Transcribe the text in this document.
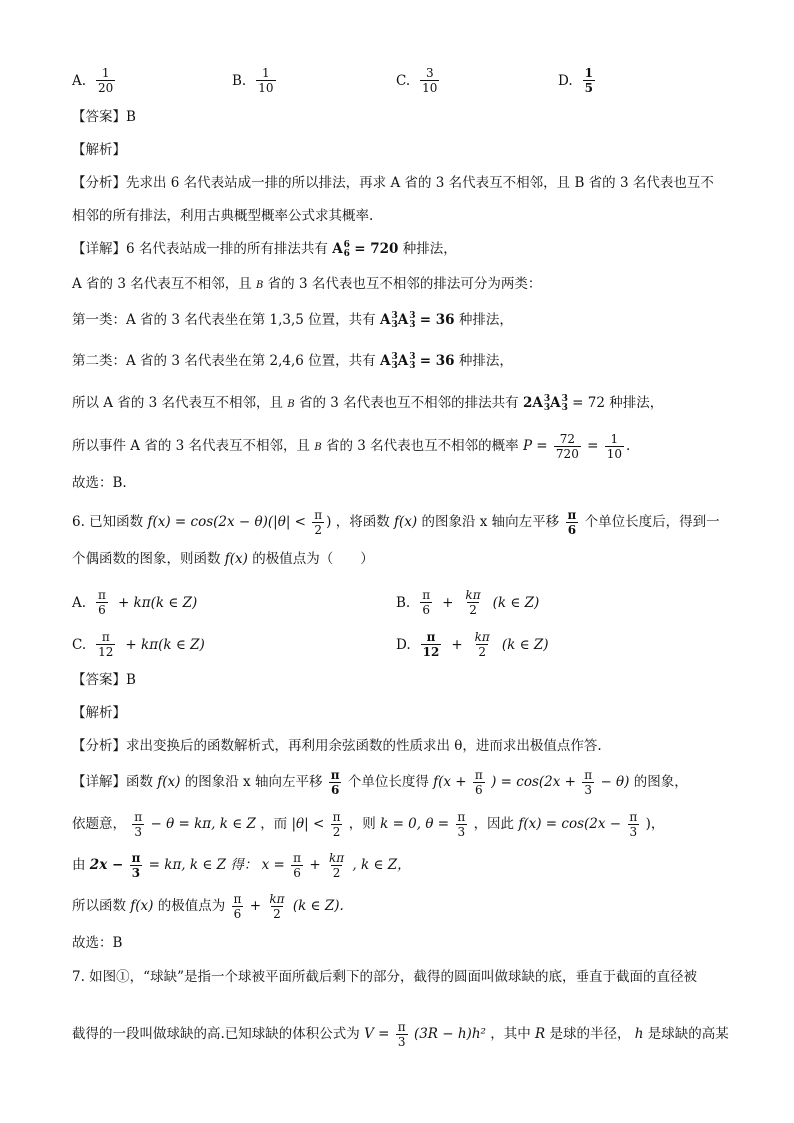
A. $\frac{1}{20}$	B. $\frac{1}{10}$	C. $\frac{3}{10}$	D. $\frac{1}{5}$
【答案】B
【解析】
【分析】先求出 6 名代表站成一排的所以排法，再求 A 省的 3 名代表互不相邻，且 B 省的 3 名代表也互不
相邻的所有排法，利用古典概型概率公式求其概率.
【详解】6 名代表站成一排的所有排法共有 A 6
6 = 720 种排法，
A 省的 3 名代表互不相邻，且 B 省的 3 名代表也互不相邻的排法可分为两类：
第一类：A 省的 3 名代表坐在第 1,3,5 位置，共有 A 3
3 A 3
3 = 36 种排法，
第二类：A 省的 3 名代表坐在第 2,4,6 位置，共有 A 3
3 A 3
3 = 36 种排法，
所以 A 省的 3 名代表互不相邻，且 B 省的 3 名代表也互不相邻的排法共有 2A 3
3 A 3
3 = 72 种排法，
所以事件 A 省的 3 名代表互不相邻，且 B 省的 3 名代表也互不相邻的概率 $P = \frac{72}{720} = \frac{1}{10}$ .
故选：B.
6. 已知函数 $f(x) = \cos(2x - \theta)(|\theta| < \frac{\pi}{2}$ ) ，将函数 f(x) 的图象沿 x 轴向左平移 $\frac{\pi}{6}$ 个单位长度后，得到一
个偶函数的图象，则函数 f(x) 的极值点为（　　）
A. $\frac{\pi}{6} + k\pi(k$ ∈ Z)	B. $\frac{\pi}{6} + \frac{k\pi}{2} (k$ ∈ Z)
C. $\frac{\pi}{12} + k\pi(k$ ∈ Z)	D. $\frac{\pi}{12} + \frac{k\pi}{2} (k$ ∈ Z)
【答案】B
【解析】
【分析】求出变换后的函数解析式，再利用余弦函数的性质求出 θ，进而求出极值点作答.
【详解】函数 f(x) 的图象沿 x 轴向左平移 $\frac{\pi}{6}$ 个单位长度得 $f(x + \frac{\pi}{6}$ ) = $\cos(2x + \frac{\pi}{3} - \theta)$ 的图象，
依题意， $\frac{\pi}{3} - \theta = k\pi$, k ∈ Z ，而 $|\theta| < \frac{\pi}{2}$ ，则 k = 0, $\theta = \frac{\pi}{3}$ ，因此 $f(x) = \cos(2x - \frac{\pi}{3}$ )，
由 $2x - \frac{\pi}{3} = k\pi$, k ∈ Z 得： $x = \frac{\pi}{6} + \frac{k\pi}{2}$ , k ∈ Z，
所以函数 f(x) 的极值点为 $\frac{\pi}{6} + \frac{k\pi}{2} (k$ ∈ Z).
故选：B
7. 如图①，“球缺”是指一个球被平面所截后剩下的部分，截得的圆面叫做球缺的底，垂直于截面的直径被
截得的一段叫做球缺的高.已知球缺的体积公式为 $V = \frac{\pi}{3} (3R - h)h^2$ ，其中 R 是球的半径， h 是球缺的高某
